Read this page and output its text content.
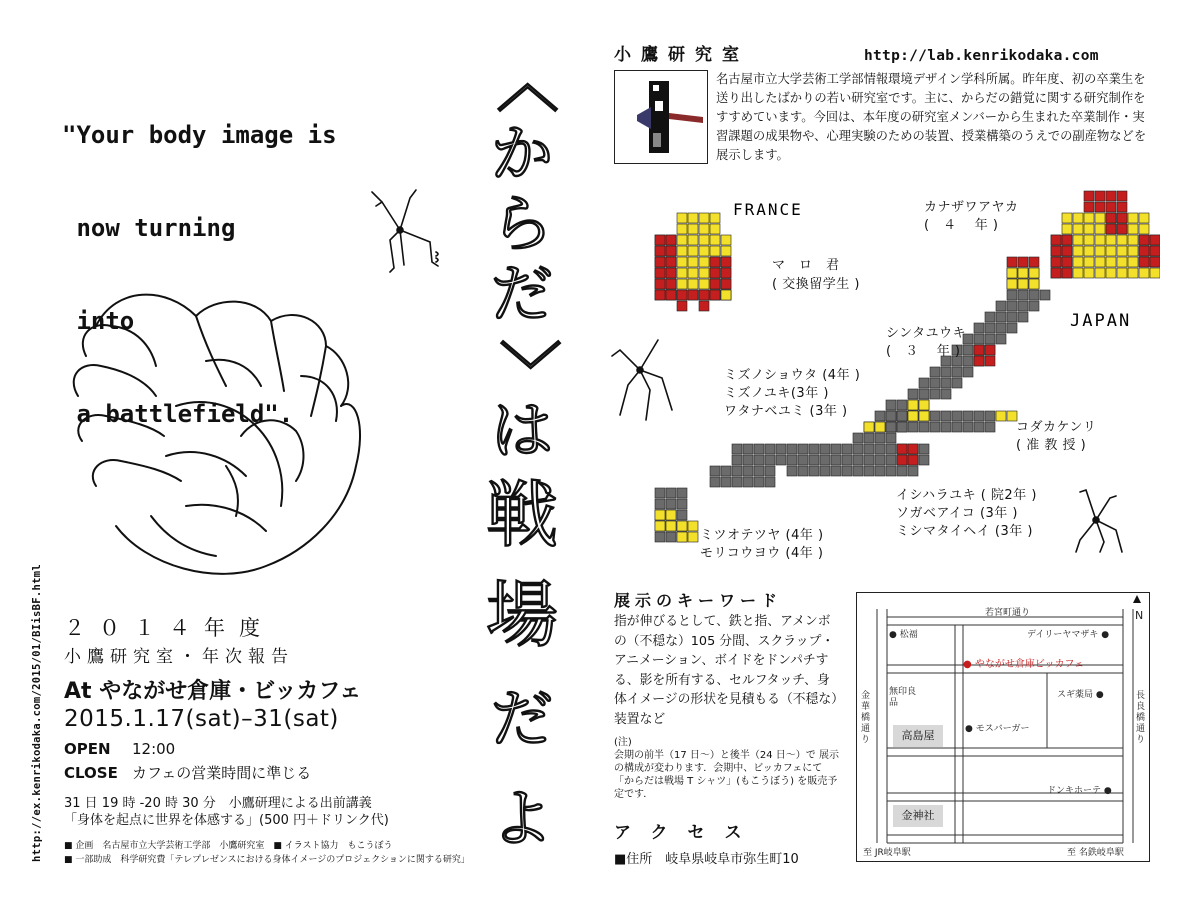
"Your body image is

now turning

into

a battlefield".

http://ex.kenrikodaka.com/2015/01/BIisBF.html ２０１４年度
小鷹研究室・年次報告
At やながせ倉庫・ビッカフェ
2015.1.17(sat)–31(sat)
OPEN 12:00
CLOSE カフェの営業時間に準じる
31 日 19 時 -20 時 30 分　小鷹研理による出前講義
「身体を起点に世界を体感する」(500 円＋ドリンク代)
■ 企画　名古屋市立大学芸術工学部　小鷹研究室　■ イラスト協力　もこうぼう
■ 一部助成　科学研究費「テレプレゼンスにおける身体イメージのプロジェクションに関する研究」
〈
か
ら
だ
〉
は
戦
場
だ
よ
小鷹研究室	http://lab.kenrikodaka.com
名古屋市立大学芸術工学部情報環境デザイン学科所属。昨年度、初の卒業生を送り出したばかりの若い研究室です。主に、からだの錯覚に関する研究制作をすすめています。今回は、本年度の研究室メンバーから生まれた卒業制作・実習課題の成果物や、心理実験のための装置、授業構築のうえでの副産物などを展示します。
FRANCE
JAPAN
マ　ロ　君
( 交換留学生 )
カナザワアヤカ
(　４　 年 )
シンタユウキ
(　３　 年 )
ミズノショウタ (4年 )
ミズノユキ(3年 )
ワタナベユミ (3年 )
コダカケンリ
( 准 教 授 )
イシハラユキ ( 院2年 )
ソガベアイコ (3年 )
ミシマタイヘイ (3年 )
ミツオテツヤ (4年 )
モリコウヨウ (4年 )
展示のキーワード
指が伸びるとして、鉄と指、アメンボの（不穏な）105 分間、スクラップ・アニメーション、ボイドをドンパチする、影を所有する、セルフタッチ、身体イメージの形状を見積もる（不穏な）装置など
(注)
会期の前半（17 日～）と後半（24 日～）で 展示の構成が変わります．会期中、ビッカフェにて「からだは戦場 T シャツ」(もこうぼう) を販売予定です．
アクセス
■住所　岐阜県岐阜市弥生町10
N
若宮町通り
金華橋通り
長良橋通り
● 松福	デイリーヤマザキ ●
● やながせ倉庫ビッカフェ
無印良品
スギ薬局 ●
● モスバーガー
高島屋
ドンキホーテ ●
金神社
至 JR岐阜駅	至 名鉄岐阜駅
